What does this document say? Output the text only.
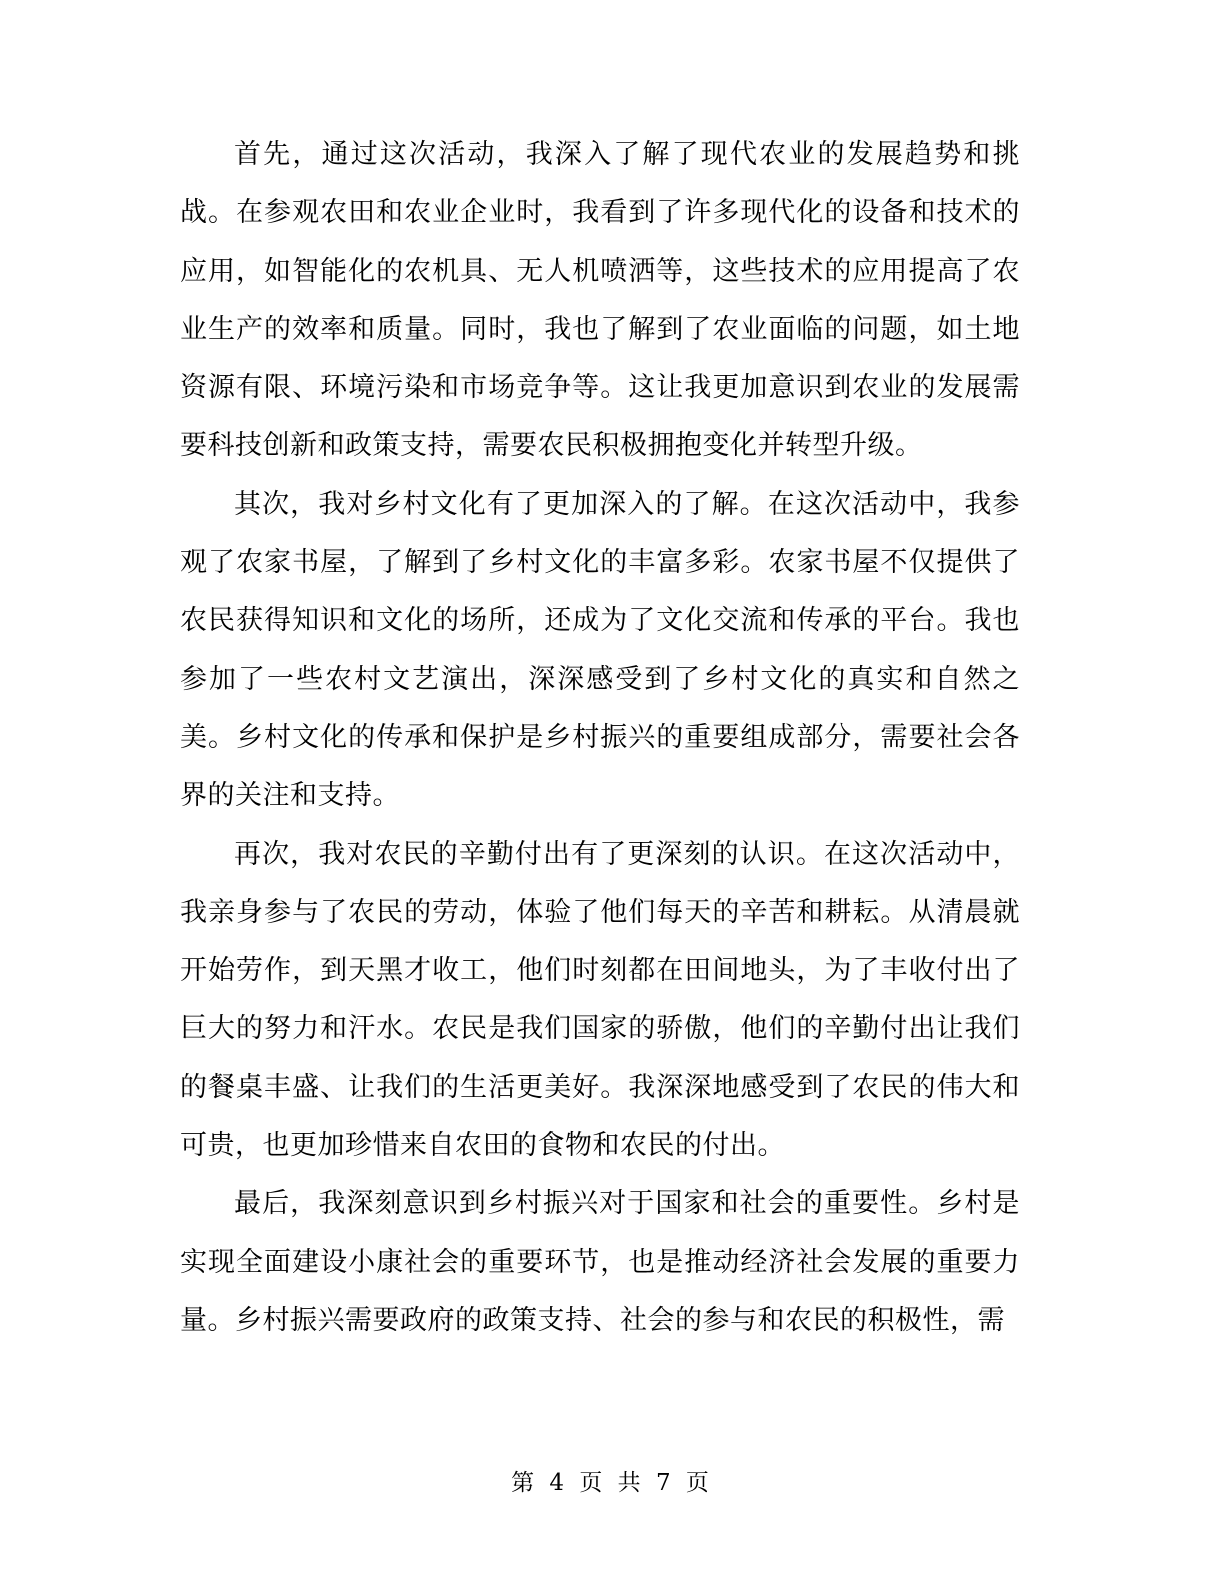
首先，通过这次活动，我深入了解了现代农业的发展趋势和挑战。在参观农田和农业企业时，我看到了许多现代化的设备和技术的应用，如智能化的农机具、无人机喷洒等，这些技术的应用提高了农业生产的效率和质量。同时，我也了解到了农业面临的问题，如土地资源有限、环境污染和市场竞争等。这让我更加意识到农业的发展需要科技创新和政策支持，需要农民积极拥抱变化并转型升级。

其次，我对乡村文化有了更加深入的了解。在这次活动中，我参观了农家书屋，了解到了乡村文化的丰富多彩。农家书屋不仅提供了农民获得知识和文化的场所，还成为了文化交流和传承的平台。我也参加了一些农村文艺演出，深深感受到了乡村文化的真实和自然之美。乡村文化的传承和保护是乡村振兴的重要组成部分，需要社会各界的关注和支持。

再次，我对农民的辛勤付出有了更深刻的认识。在这次活动中，我亲身参与了农民的劳动，体验了他们每天的辛苦和耕耘。从清晨就开始劳作，到天黑才收工，他们时刻都在田间地头，为了丰收付出了巨大的努力和汗水。农民是我们国家的骄傲，他们的辛勤付出让我们的餐桌丰盛、让我们的生活更美好。我深深地感受到了农民的伟大和可贵，也更加珍惜来自农田的食物和农民的付出。

最后，我深刻意识到乡村振兴对于国家和社会的重要性。乡村是实现全面建设小康社会的重要环节，也是推动经济社会发展的重要力量。乡村振兴需要政府的政策支持、社会的参与和农民的积极性，需

第 4 页 共 7 页
